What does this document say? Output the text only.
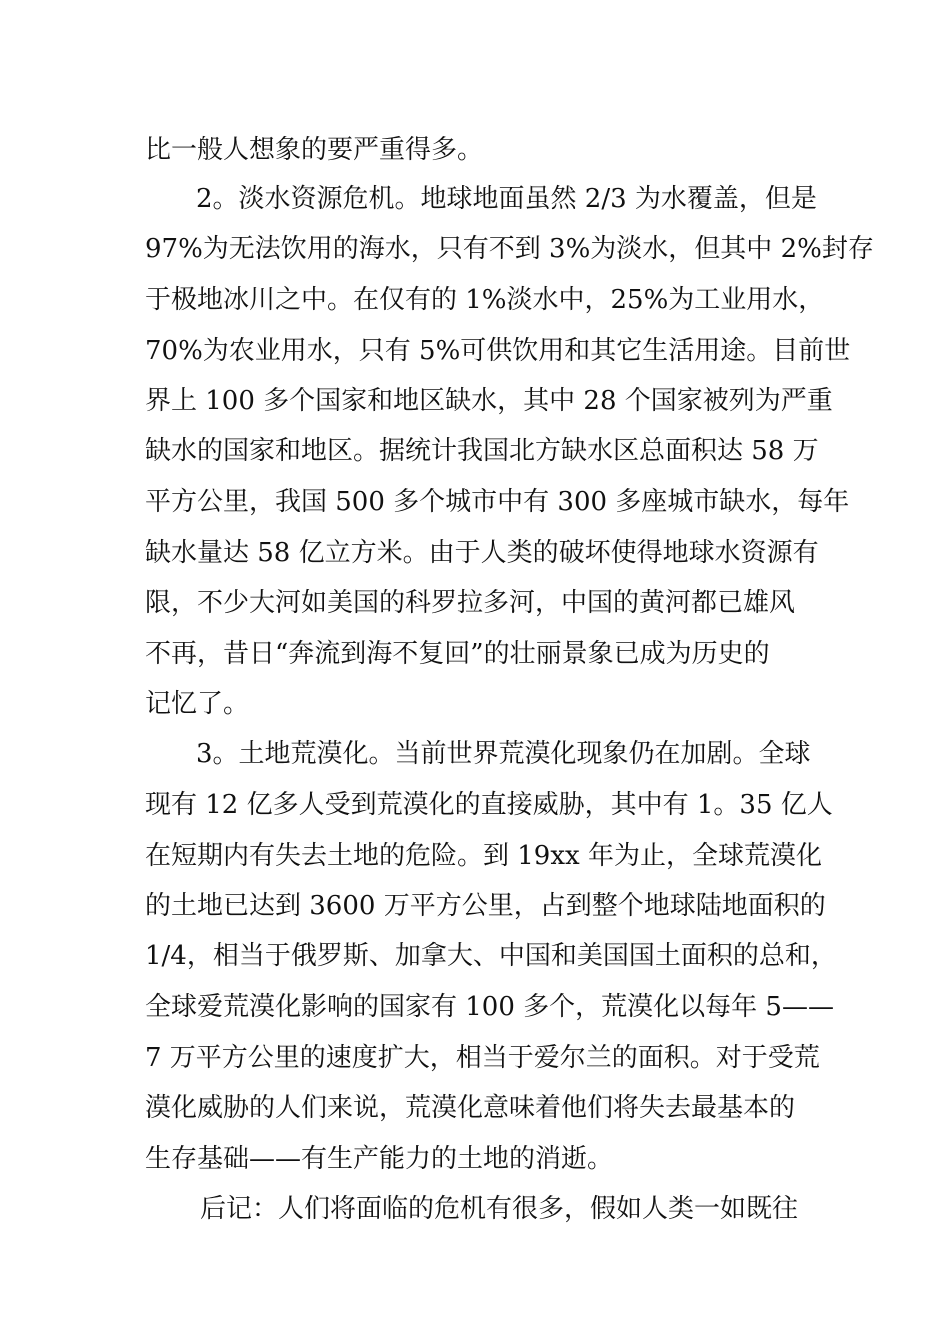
比一般人想象的要严重得多。

2。淡水资源危机。地球地面虽然 2/3 为水覆盖，但是

97%为无法饮用的海水，只有不到 3%为淡水，但其中 2%封存

于极地冰川之中。在仅有的 1%淡水中，25%为工业用水，

70%为农业用水，只有 5%可供饮用和其它生活用途。目前世

界上 100 多个国家和地区缺水，其中 28 个国家被列为严重

缺水的国家和地区。据统计我国北方缺水区总面积达 58 万

平方公里，我国 500 多个城市中有 300 多座城市缺水，每年

缺水量达 58 亿立方米。由于人类的破坏使得地球水资源有

限，不少大河如美国的科罗拉多河，中国的黄河都已雄风

不再，昔日“奔流到海不复回”的壮丽景象已成为历史的

记忆了。

3。土地荒漠化。当前世界荒漠化现象仍在加剧。全球

现有 12 亿多人受到荒漠化的直接威胁，其中有 1。35 亿人

在短期内有失去土地的危险。到 19xx 年为止，全球荒漠化

的土地已达到 3600 万平方公里，占到整个地球陆地面积的

1/4，相当于俄罗斯、加拿大、中国和美国国土面积的总和，

全球爱荒漠化影响的国家有 100 多个，荒漠化以每年 5——

7 万平方公里的速度扩大，相当于爱尔兰的面积。对于受荒

漠化威胁的人们来说，荒漠化意味着他们将失去最基本的

生存基础——有生产能力的土地的消逝。

后记：人们将面临的危机有很多，假如人类一如既往
